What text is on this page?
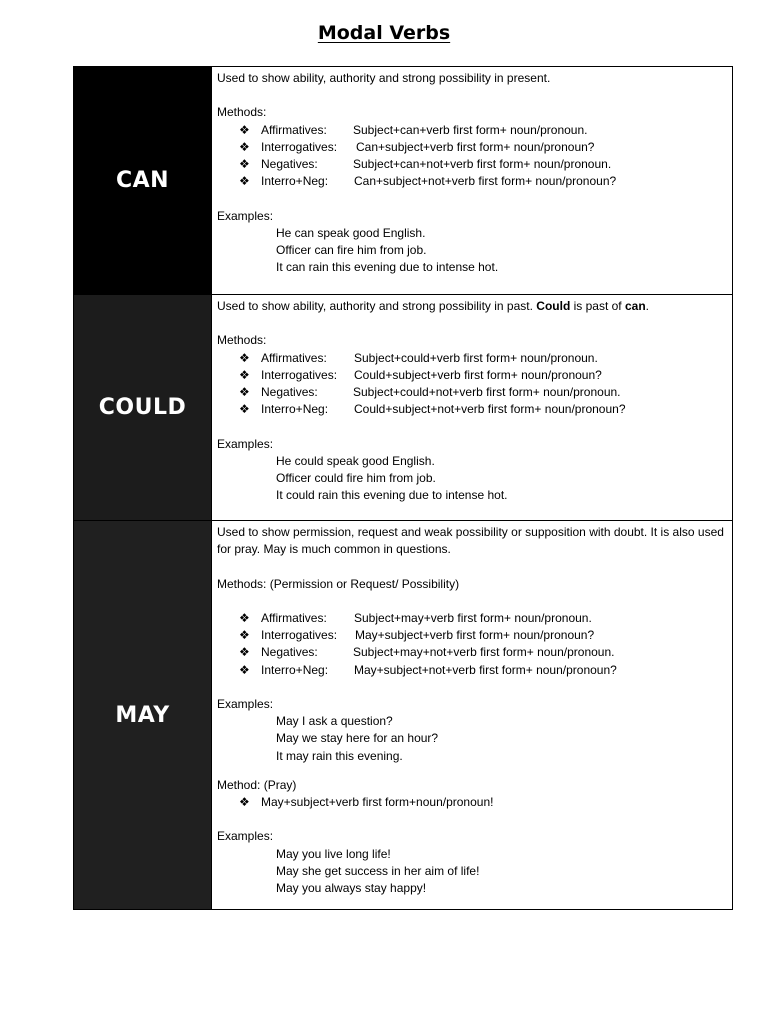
Modal Verbs
CAN
Used to show ability, authority and strong possibility in present.
Methods:
❖ Affirmatives:	Subject+can+verb first form+ noun/pronoun.
❖ Interrogatives:	Can+subject+verb first form+ noun/pronoun?
❖ Negatives:	Subject+can+not+verb first form+ noun/pronoun.
❖ Interro+Neg:	Can+subject+not+verb first form+ noun/pronoun?
Examples:
He can speak good English.
Officer can fire him from job.
It can rain this evening due to intense hot.
COULD
Used to show ability, authority and strong possibility in past. Could is past of can.
Methods:
❖ Affirmatives:	Subject+could+verb first form+ noun/pronoun.
❖ Interrogatives:	Could+subject+verb first form+ noun/pronoun?
❖ Negatives:	Subject+could+not+verb first form+ noun/pronoun.
❖ Interro+Neg:	Could+subject+not+verb first form+ noun/pronoun?
Examples:
He could speak good English.
Officer could fire him from job.
It could rain this evening due to intense hot.
MAY
Used to show permission, request and weak possibility or supposition with doubt. It is also used for pray. May is much common in questions.
Methods: (Permission or Request/ Possibility)
❖ Affirmatives:	Subject+may+verb first form+ noun/pronoun.
❖ Interrogatives:	May+subject+verb first form+ noun/pronoun?
❖ Negatives:	Subject+may+not+verb first form+ noun/pronoun.
❖ Interro+Neg:	May+subject+not+verb first form+ noun/pronoun?
Examples:
May I ask a question?
May we stay here for an hour?
It may rain this evening.
Method: (Pray)
❖ May+subject+verb first form+noun/pronoun!
Examples:
May you live long life!
May she get success in her aim of life!
May you always stay happy!
